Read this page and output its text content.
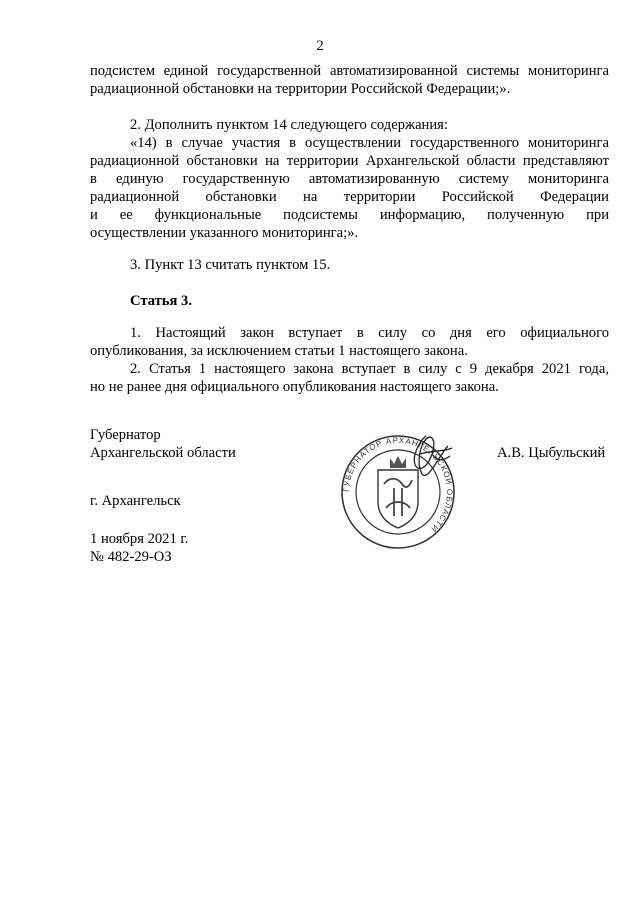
2
подсистем единой государственной автоматизированной системы мониторинга
радиационной обстановки на территории Российской Федерации;».
2. Дополнить пунктом 14 следующего содержания:
«14) в случае участия в осуществлении государственного мониторинга
радиационной обстановки на территории Архангельской области представляют
в единую государственную автоматизированную систему мониторинга
радиационной обстановки на территории Российской Федерации
и ее функциональные подсистемы информацию, полученную при
осуществлении указанного мониторинга;».
3. Пункт 13 считать пунктом 15.
Статья 3.
1. Настоящий закон вступает в силу со дня его официального
опубликования, за исключением статьи 1 настоящего закона.
2. Статья 1 настоящего закона вступает в силу с 9 декабря 2021 года,
но не ранее дня официального опубликования настоящего закона.
Губернатор
Архангельской области
ГУБЕРНАТОР АРХАНГЕЛЬСКОЙ ОБЛАСТИ
А.В. Цыбульский
г. Архангельск
1 ноября 2021 г.
№ 482-29-ОЗ
